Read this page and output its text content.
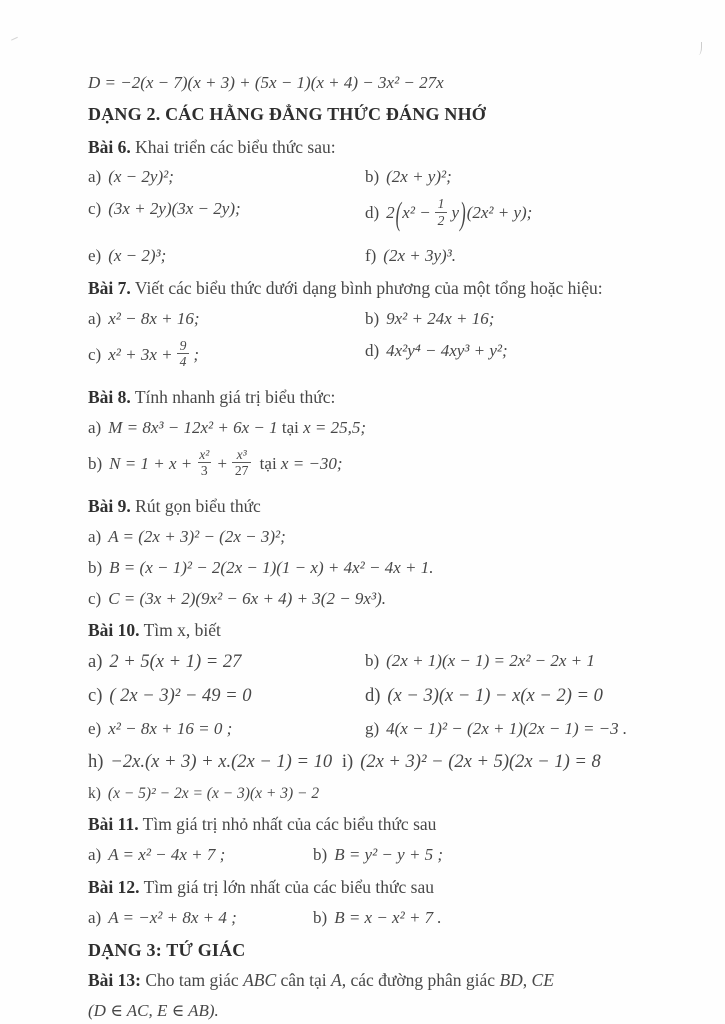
D = −2(x − 7)(x + 3) + (5x − 1)(x + 4) − 3x² − 27x
DẠNG 2. CÁC HẰNG ĐẲNG THỨC ĐÁNG NHỚ
Bài 6. Khai triển các biểu thức sau:
a) (x − 2y)²;	b) (2x + y)²;
c) (3x + 2y)(3x − 2y);	d) $2(x^2 - \frac{1}{2} y)(2x^2 + y)$;
e) (x − 2)³;	f) (2x + 3y)³.
Bài 7. Viết các biểu thức dưới dạng bình phương của một tổng hoặc hiệu:
a) x² − 8x + 16;	b) 9x² + 24x + 16;
c) $x^2 + 3x + \frac{9}{4}$ ;	d) 4x²y⁴ − 4xy³ + y²;
Bài 8. Tính nhanh giá trị biểu thức:
a) M = 8x³ − 12x² + 6x − 1 tại x = 25,5;
b) $N = 1 + x + \frac{\text{x²}}{3} + \frac{\text{x³}}{27}$ tại x = −30;
Bài 9. Rút gọn biểu thức
a) A = (2x + 3)² − (2x − 3)²;
b) B = (x − 1)² − 2(2x − 1)(1 − x) + 4x² − 4x + 1.
c) C = (3x + 2)(9x² − 6x + 4) + 3(2 − 9x³).
Bài 10. Tìm x, biết
a) 2 + 5(x + 1) = 27	b) (2x + 1)(x − 1) = 2x² − 2x + 1
c) ( 2x − 3)² − 49 = 0	d) (x − 3)(x − 1) − x(x − 2) = 0
e) x² − 8x + 16 = 0 ;	g) 4(x − 1)² − (2x + 1)(2x − 1) = −3 .
h) −2x.(x + 3) + x.(2x − 1) = 10 i) (2x + 3)² − (2x + 5)(2x − 1) = 8
k) (x − 5)² − 2x = (x − 3)(x + 3) − 2
Bài 11. Tìm giá trị nhỏ nhất của các biểu thức sau
a) A = x² − 4x + 7 ;	b) B = y² − y + 5 ;
Bài 12. Tìm giá trị lớn nhất của các biểu thức sau
a) A = −x² + 8x + 4 ;	b) B = x − x² + 7 .
DẠNG 3: TỨ GIÁC
Bài 13: Cho tam giác ABC cân tại A, các đường phân giác BD, CE
(D ∈ AC, E ∈ AB).
